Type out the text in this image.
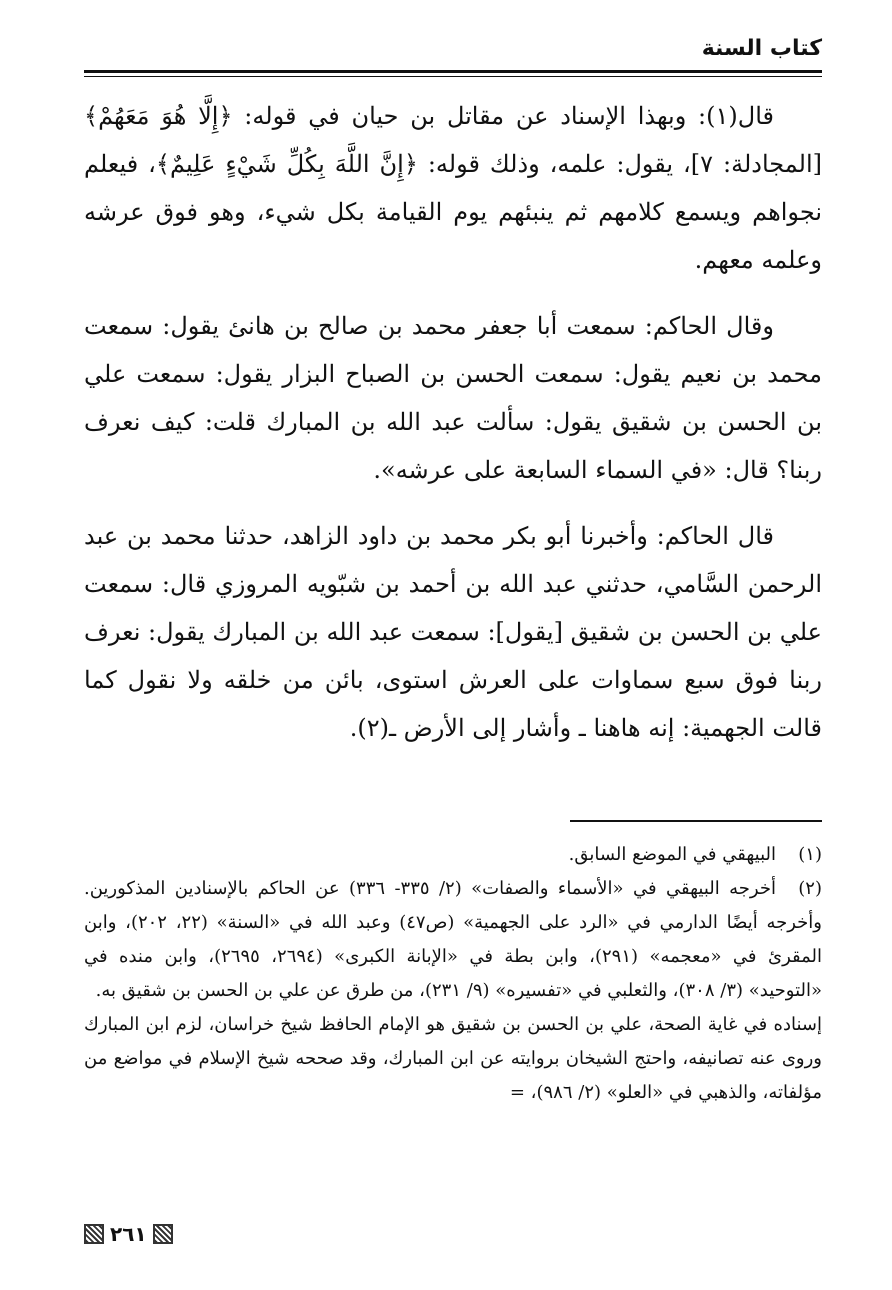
كتاب السنة

قال(١): وبهذا الإسناد عن مقاتل بن حيان في قوله: ﴿إِلَّا هُوَ مَعَهُمْ﴾ [المجادلة: ٧]، يقول: علمه، وذلك قوله: ﴿إِنَّ اللَّهَ بِكُلِّ شَيْءٍ عَلِيمٌ﴾، فيعلم نجواهم ويسمع كلامهم ثم ينبئهم يوم القيامة بكل شيء، وهو فوق عرشه وعلمه معهم.

وقال الحاكم: سمعت أبا جعفر محمد بن صالح بن هانئ يقول: سمعت محمد بن نعيم يقول: سمعت الحسن بن الصباح البزار يقول: سمعت علي بن الحسن بن شقيق يقول: سألت عبد الله بن المبارك قلت: كيف نعرف ربنا؟ قال: «في السماء السابعة على عرشه».

قال الحاكم: وأخبرنا أبو بكر محمد بن داود الزاهد، حدثنا محمد بن عبد الرحمن السَّامي، حدثني عبد الله بن أحمد بن شبّويه المروزي قال: سمعت علي بن الحسن بن شقيق [يقول]: سمعت عبد الله بن المبارك يقول: نعرف ربنا فوق سبع سماوات على العرش استوى، بائن من خلقه ولا نقول كما قالت الجهمية: إنه هاهنا ـ وأشار إلى الأرض ـ(٢).

(١)البيهقي في الموضع السابق.

(٢)أخرجه البيهقي في «الأسماء والصفات» (٢/ ٣٣٥- ٣٣٦) عن الحاكم بالإسنادين المذكورين. وأخرجه أيضًا الدارمي في «الرد على الجهمية» (ص٤٧) وعبد الله في «السنة» (٢٢، ٢٠٢)، وابن المقرئ في «معجمه» (٢٩١)، وابن بطة في «الإبانة الكبرى» (٢٦٩٤، ٢٦٩٥)، وابن منده في «التوحيد» (٣/ ٣٠٨)، والثعلبي في «تفسيره» (٩/ ٢٣١)، من طرق عن علي بن الحسن بن شقيق به.

إسناده في غاية الصحة، علي بن الحسن بن شقيق هو الإمام الحافظ شيخ خراسان، لزم ابن المبارك وروى عنه تصانيفه، واحتج الشيخان بروايته عن ابن المبارك، وقد صححه شيخ الإسلام في مواضع من مؤلفاته، والذهبي في «العلو» (٢/ ٩٨٦)، =

٢٦١
